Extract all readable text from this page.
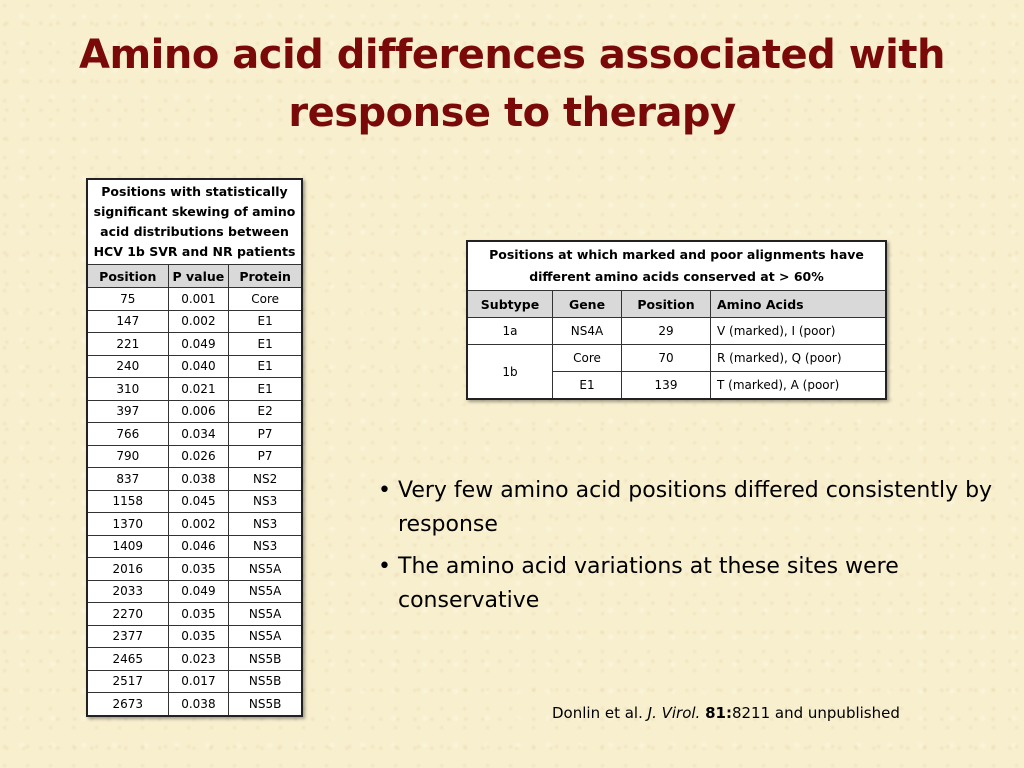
Amino acid differences associated with
response to therapy
Positions with statistically significant skewing of amino acid distributions between HCV 1b SVR and NR patients		
Position	P value	Protein
75	0.001	Core
147	0.002	E1
221	0.049	E1
240	0.040	E1
310	0.021	E1
397	0.006	E2
766	0.034	P7
790	0.026	P7
837	0.038	NS2
1158	0.045	NS3
1370	0.002	NS3
1409	0.046	NS3
2016	0.035	NS5A
2033	0.049	NS5A
2270	0.035	NS5A
2377	0.035	NS5A
2465	0.023	NS5B
2517	0.017	NS5B
2673	0.038	NS5B
Positions at which marked and poor alignments have different amino acids conserved at > 60%			
Subtype	Gene	Position	Amino Acids
1a	NS4A	29	V (marked), I (poor)
1b	Core	70	R (marked), Q (poor)
	E1	139	T (marked), A (poor)
• Very few amino acid positions differed consistently by response
• The amino acid variations at these sites were conservative
Donlin et al. J. Virol. 81:8211 and unpublished
